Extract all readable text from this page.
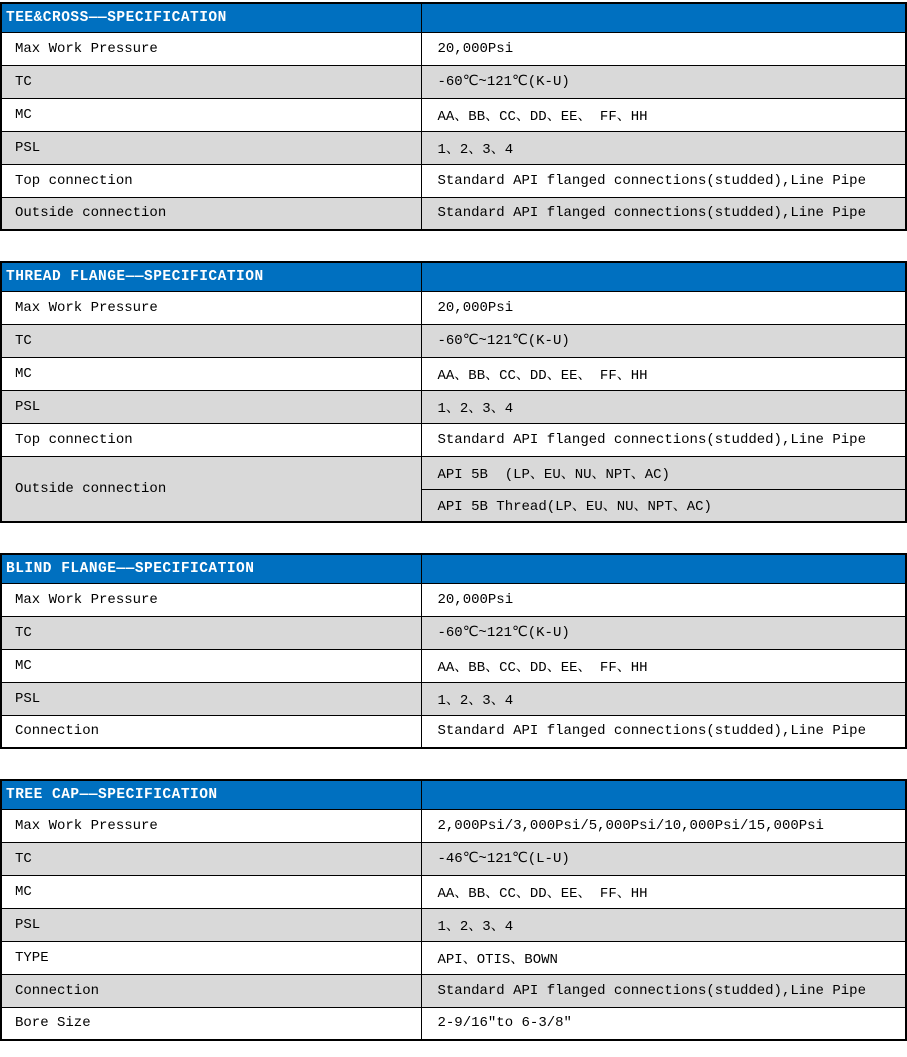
TEE&CROSS——SPECIFICATION	
Max Work Pressure	20,000Psi
TC	-60℃~121℃(K-U)
MC	AA、BB、CC、DD、EE、 FF、HH
PSL	1、2、3、4
Top connection	Standard API flanged connections(studded),Line Pipe
Outside connection	Standard API flanged connections(studded),Line Pipe
THREAD FLANGE——SPECIFICATION	
Max Work Pressure	20,000Psi
TC	-60℃~121℃(K-U)
MC	AA、BB、CC、DD、EE、 FF、HH
PSL	1、2、3、4
Top connection	Standard API flanged connections(studded),Line Pipe
Outside connection	API 5B  (LP、EU、NU、NPT、AC)
	API 5B Thread(LP、EU、NU、NPT、AC)
BLIND FLANGE——SPECIFICATION	
Max Work Pressure	20,000Psi
TC	-60℃~121℃(K-U)
MC	AA、BB、CC、DD、EE、 FF、HH
PSL	1、2、3、4
Connection	Standard API flanged connections(studded),Line Pipe
TREE CAP——SPECIFICATION	
Max Work Pressure	2,000Psi/3,000Psi/5,000Psi/10,000Psi/15,000Psi
TC	-46℃~121℃(L-U)
MC	AA、BB、CC、DD、EE、 FF、HH
PSL	1、2、3、4
TYPE	API、OTIS、BOWN
Connection	Standard API flanged connections(studded),Line Pipe
Bore Size	2-9/16″to 6-3/8″
